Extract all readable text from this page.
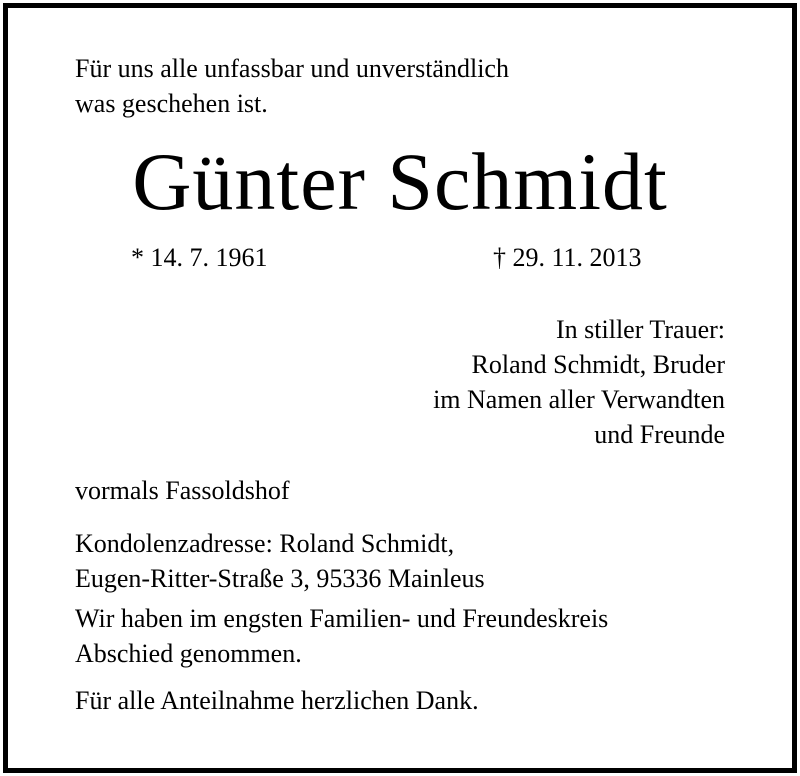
Für uns alle unfassbar und unverständlich
was geschehen ist.
Günter Schmidt
* 14. 7. 1961	† 29. 11. 2013
In stiller Trauer:
Roland Schmidt, Bruder
im Namen aller Verwandten
und Freunde
vormals Fassoldshof
Kondolenzadresse: Roland Schmidt,
Eugen-Ritter-Straße 3, 95336 Mainleus
Wir haben im engsten Familien- und Freundeskreis
Abschied genommen.
Für alle Anteilnahme herzlichen Dank.
